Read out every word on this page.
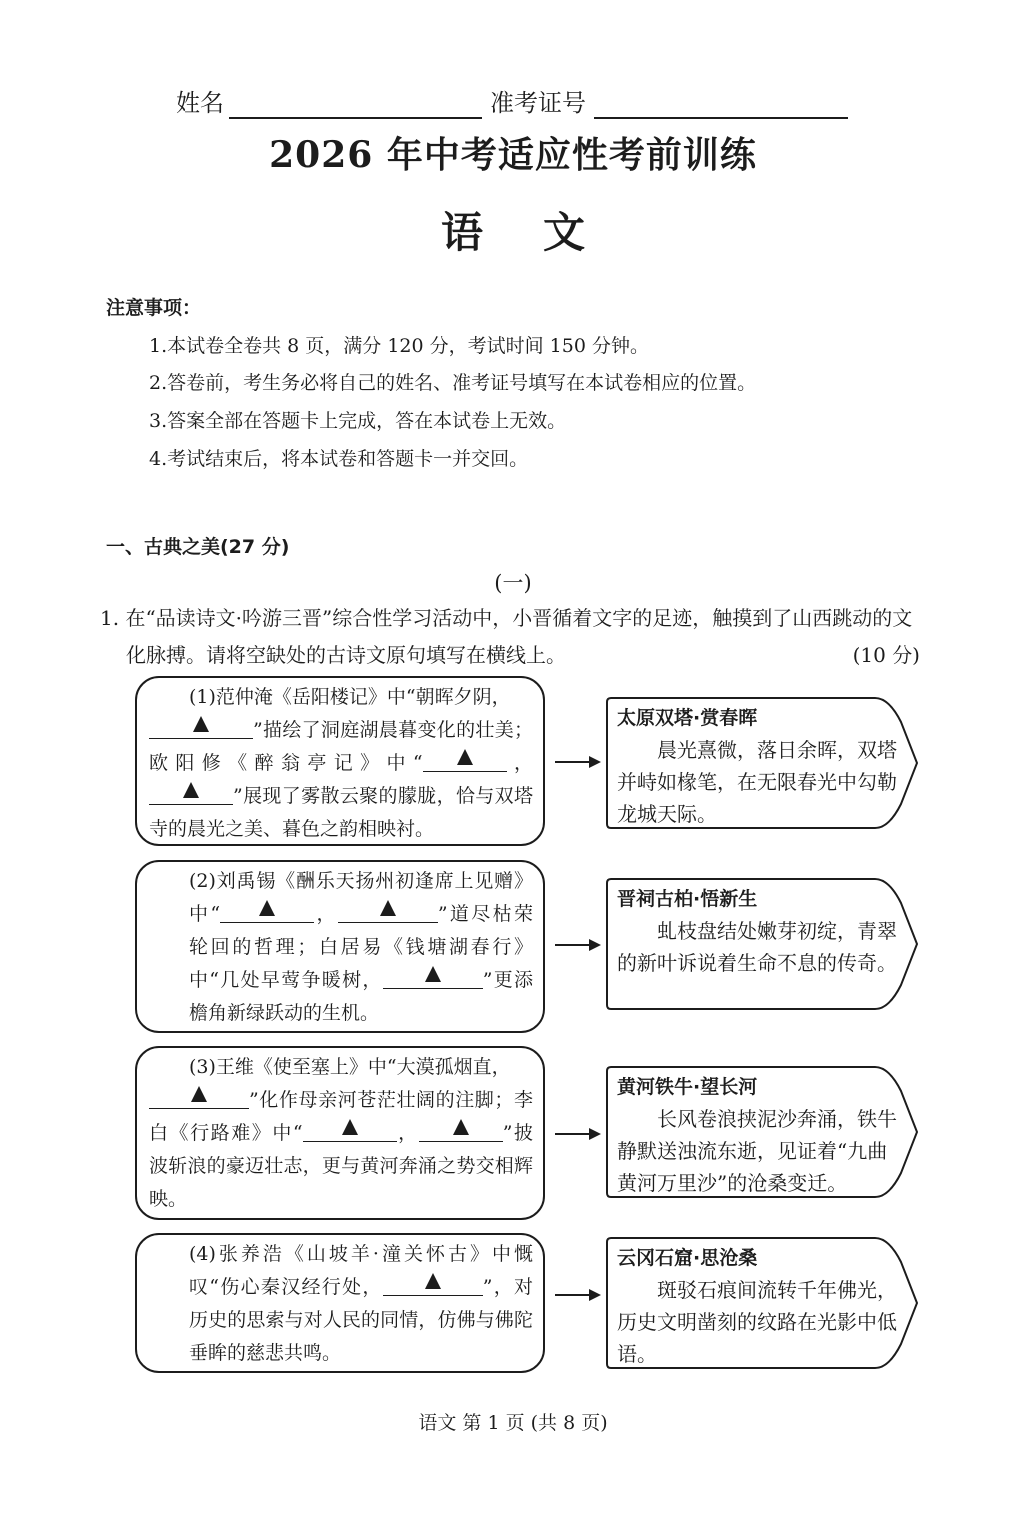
姓名	准考证号
2026 年中考适应性考前训练
语文
注意事项：
1.本试卷全卷共 8 页，满分 120 分，考试时间 150 分钟。
2.答卷前，考生务必将自己的姓名、准考证号填写在本试卷相应的位置。
3.答案全部在答题卡上完成，答在本试卷上无效。
4.考试结束后，将本试卷和答题卡一并交回。
一、古典之美(27 分)
(一)
1. 在“品读诗文·吟游三晋”综合性学习活动中，小晋循着文字的足迹，触摸到了山西跳动的文
化脉搏。请将空缺处的古诗文原句填写在横线上。	(10 分)
(1)范仲淹《岳阳楼记》中“朝晖夕阴，
”描绘了洞庭湖晨暮变化的壮美；欧阳修《醉翁亭记》中“	，
”展现了雾散云聚的朦胧，恰与双塔寺的晨光之美、暮色之韵相映衬。
太原双塔·赏春晖
晨光熹微，落日余晖，双塔并峙如椽笔，在无限春光中勾勒龙城天际。
(2)刘禹锡《酬乐天扬州初逢席上见赠》中“	，	”道尽枯荣轮回的哲理；白居易《钱塘湖春行》中“几处早莺争暖树，	”更添檐角新绿跃动的生机。
晋祠古柏·悟新生
虬枝盘结处嫩芽初绽，青翠的新叶诉说着生命不息的传奇。
(3)王维《使至塞上》中“大漠孤烟直，
”化作母亲河苍茫壮阔的注脚；李白《行路难》中“	，	”披波斩浪的豪迈壮志，更与黄河奔涌之势交相辉映。
黄河铁牛·望长河
长风卷浪挟泥沙奔涌，铁牛静默送浊流东逝，见证着“九曲黄河万里沙”的沧桑变迁。
(4)张养浩《山坡羊·潼关怀古》中慨叹“伤心秦汉经行处，	”，对历史的思索与对人民的同情，仿佛与佛陀垂眸的慈悲共鸣。
云冈石窟·思沧桑
斑驳石痕间流转千年佛光，历史文明凿刻的纹路在光影中低语。
语文 第 1 页 (共 8 页)
